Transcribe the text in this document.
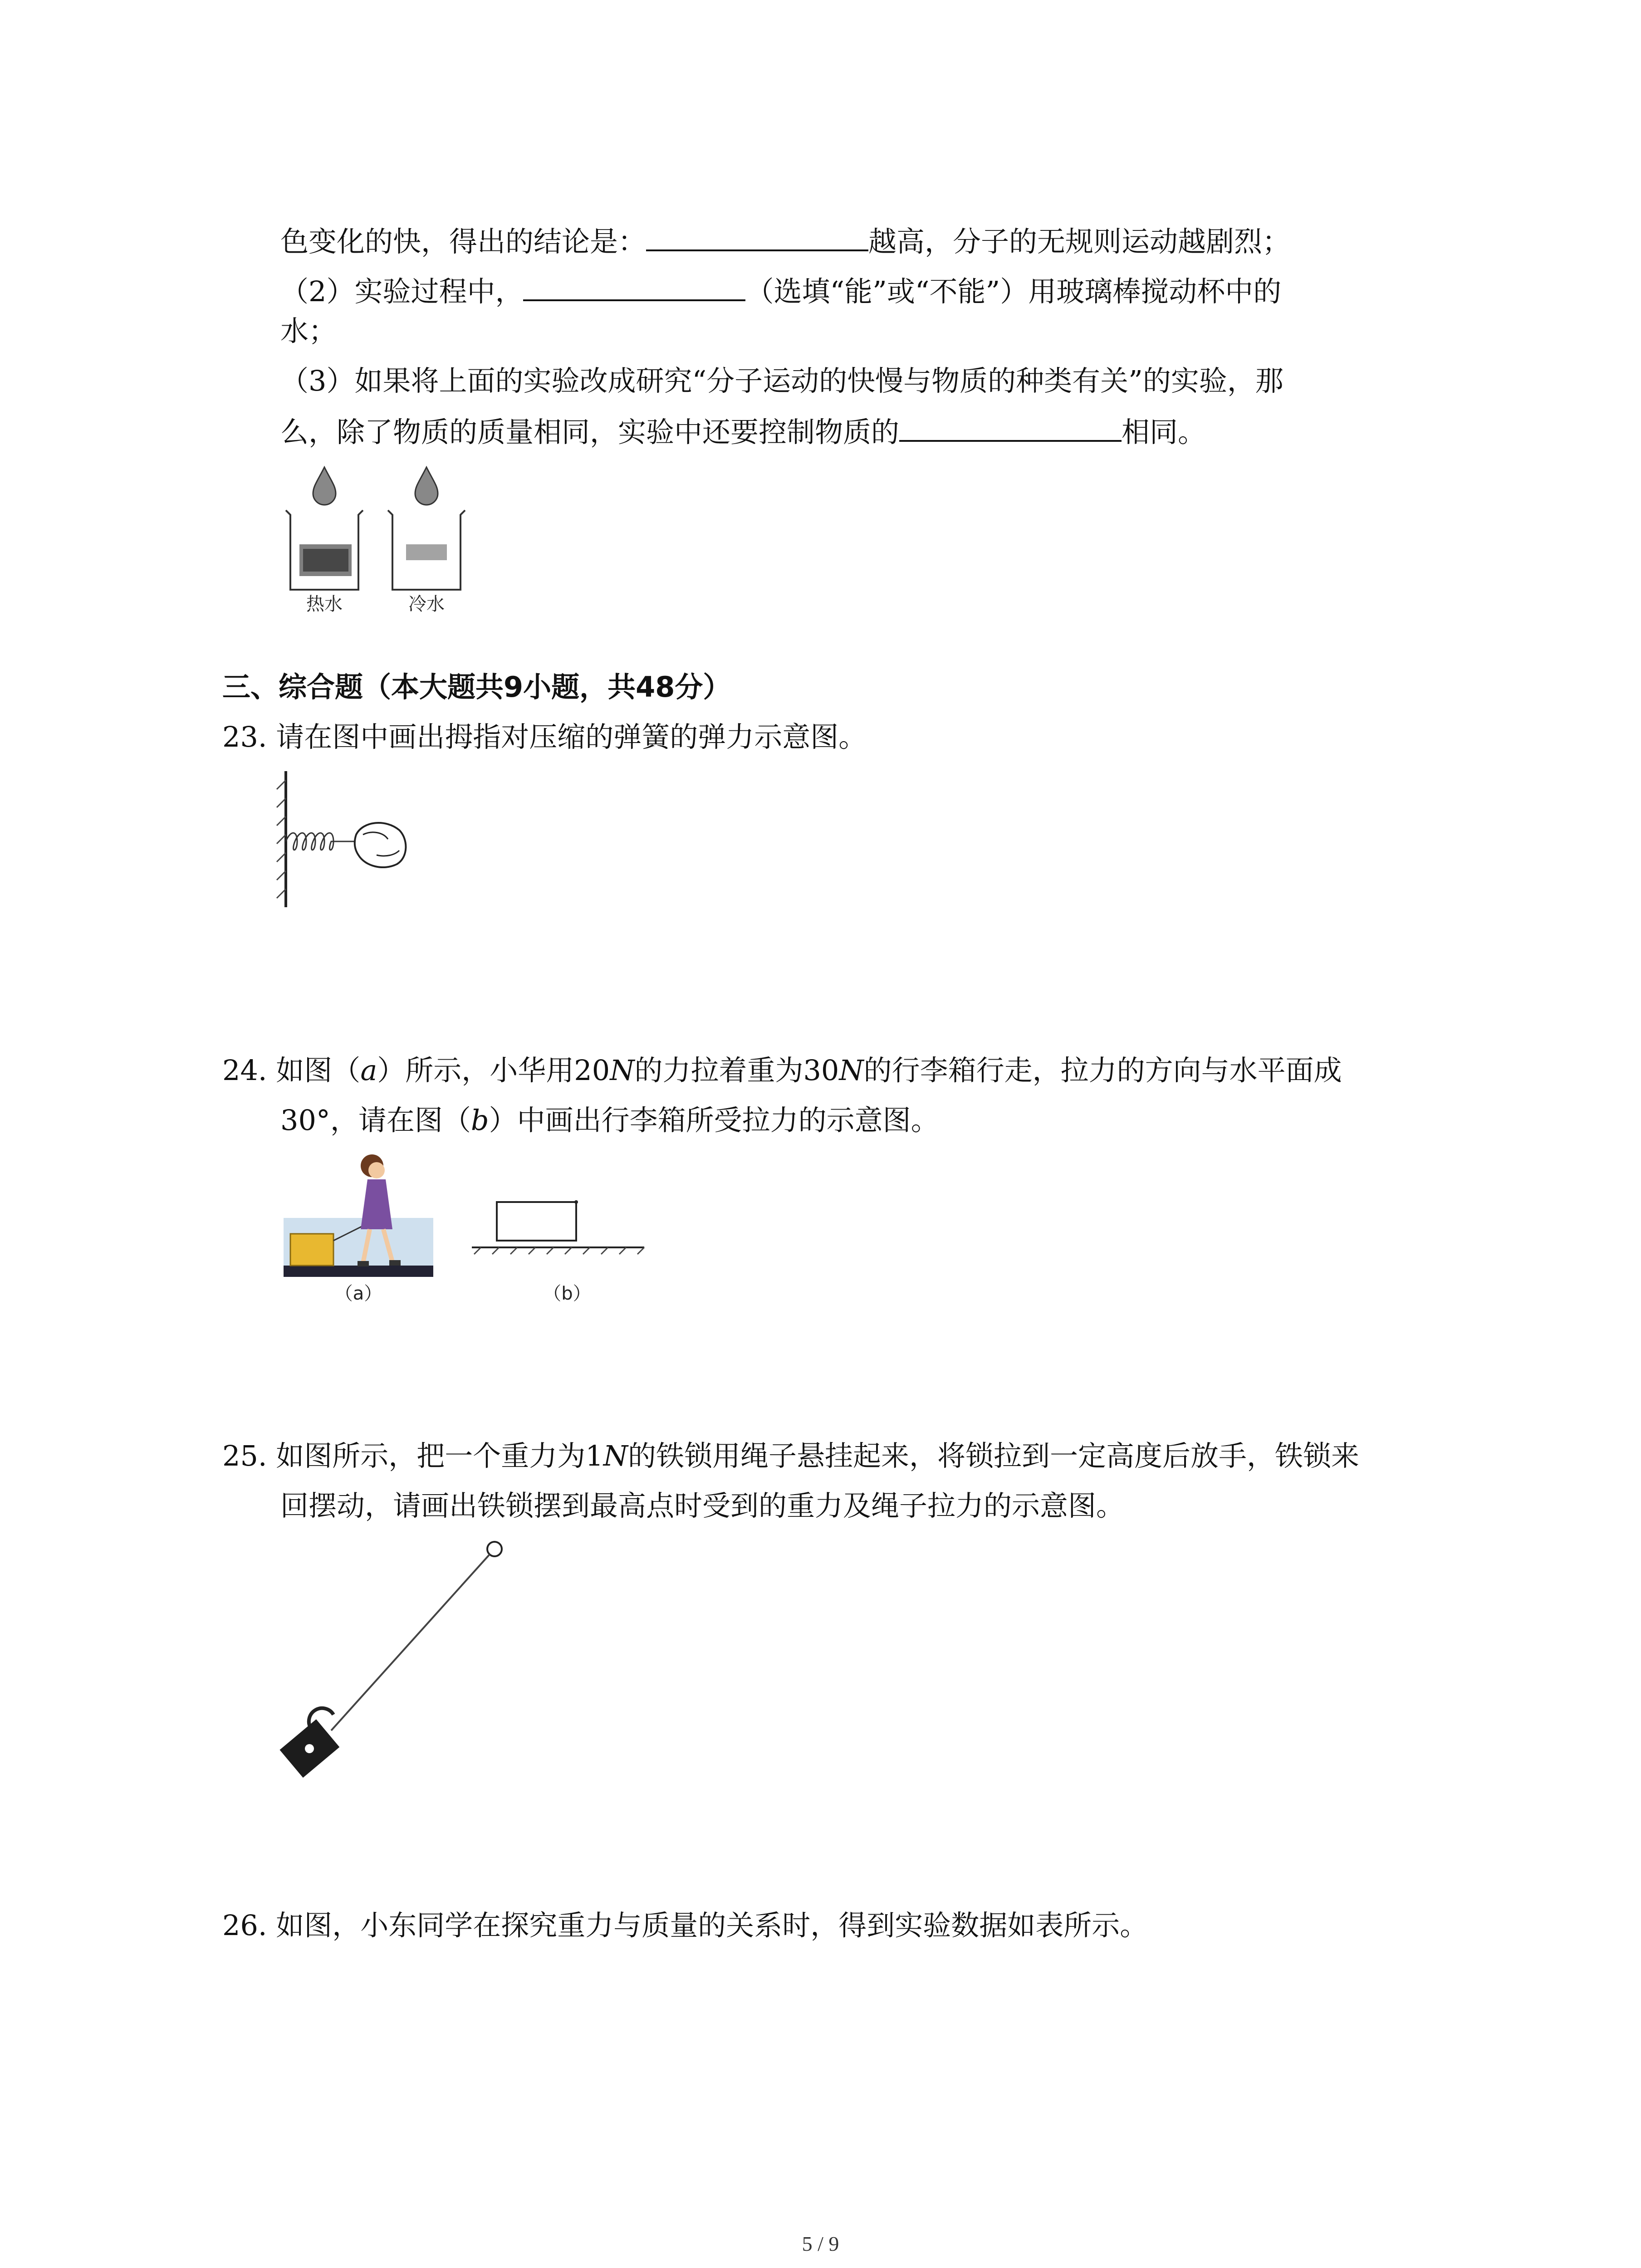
色变化的快，得出的结论是：	越高，分子的无规则运动越剧烈；
（2）实验过程中，	（选填“能”或“不能”）用玻璃棒搅动杯中的
水；
（3）如果将上面的实验改成研究“分子运动的快慢与物质的种类有关”的实验，那
么，除了物质的质量相同，实验中还要控制物质的	相同。
热水	冷水
三、综合题（本大题共9小题，共48分）
23. 请在图中画出拇指对压缩的弹簧的弹力示意图。
24. 如图（a）所示，小华用20N的力拉着重为30N的行李箱行走，拉力的方向与水平面成
30°，请在图（b）中画出行李箱所受拉力的示意图。
（a）	（b）
25. 如图所示，把一个重力为1N的铁锁用绳子悬挂起来，将锁拉到一定高度后放手，铁锁来
回摆动，请画出铁锁摆到最高点时受到的重力及绳子拉力的示意图。
26. 如图，小东同学在探究重力与质量的关系时，得到实验数据如表所示。
5 / 9
